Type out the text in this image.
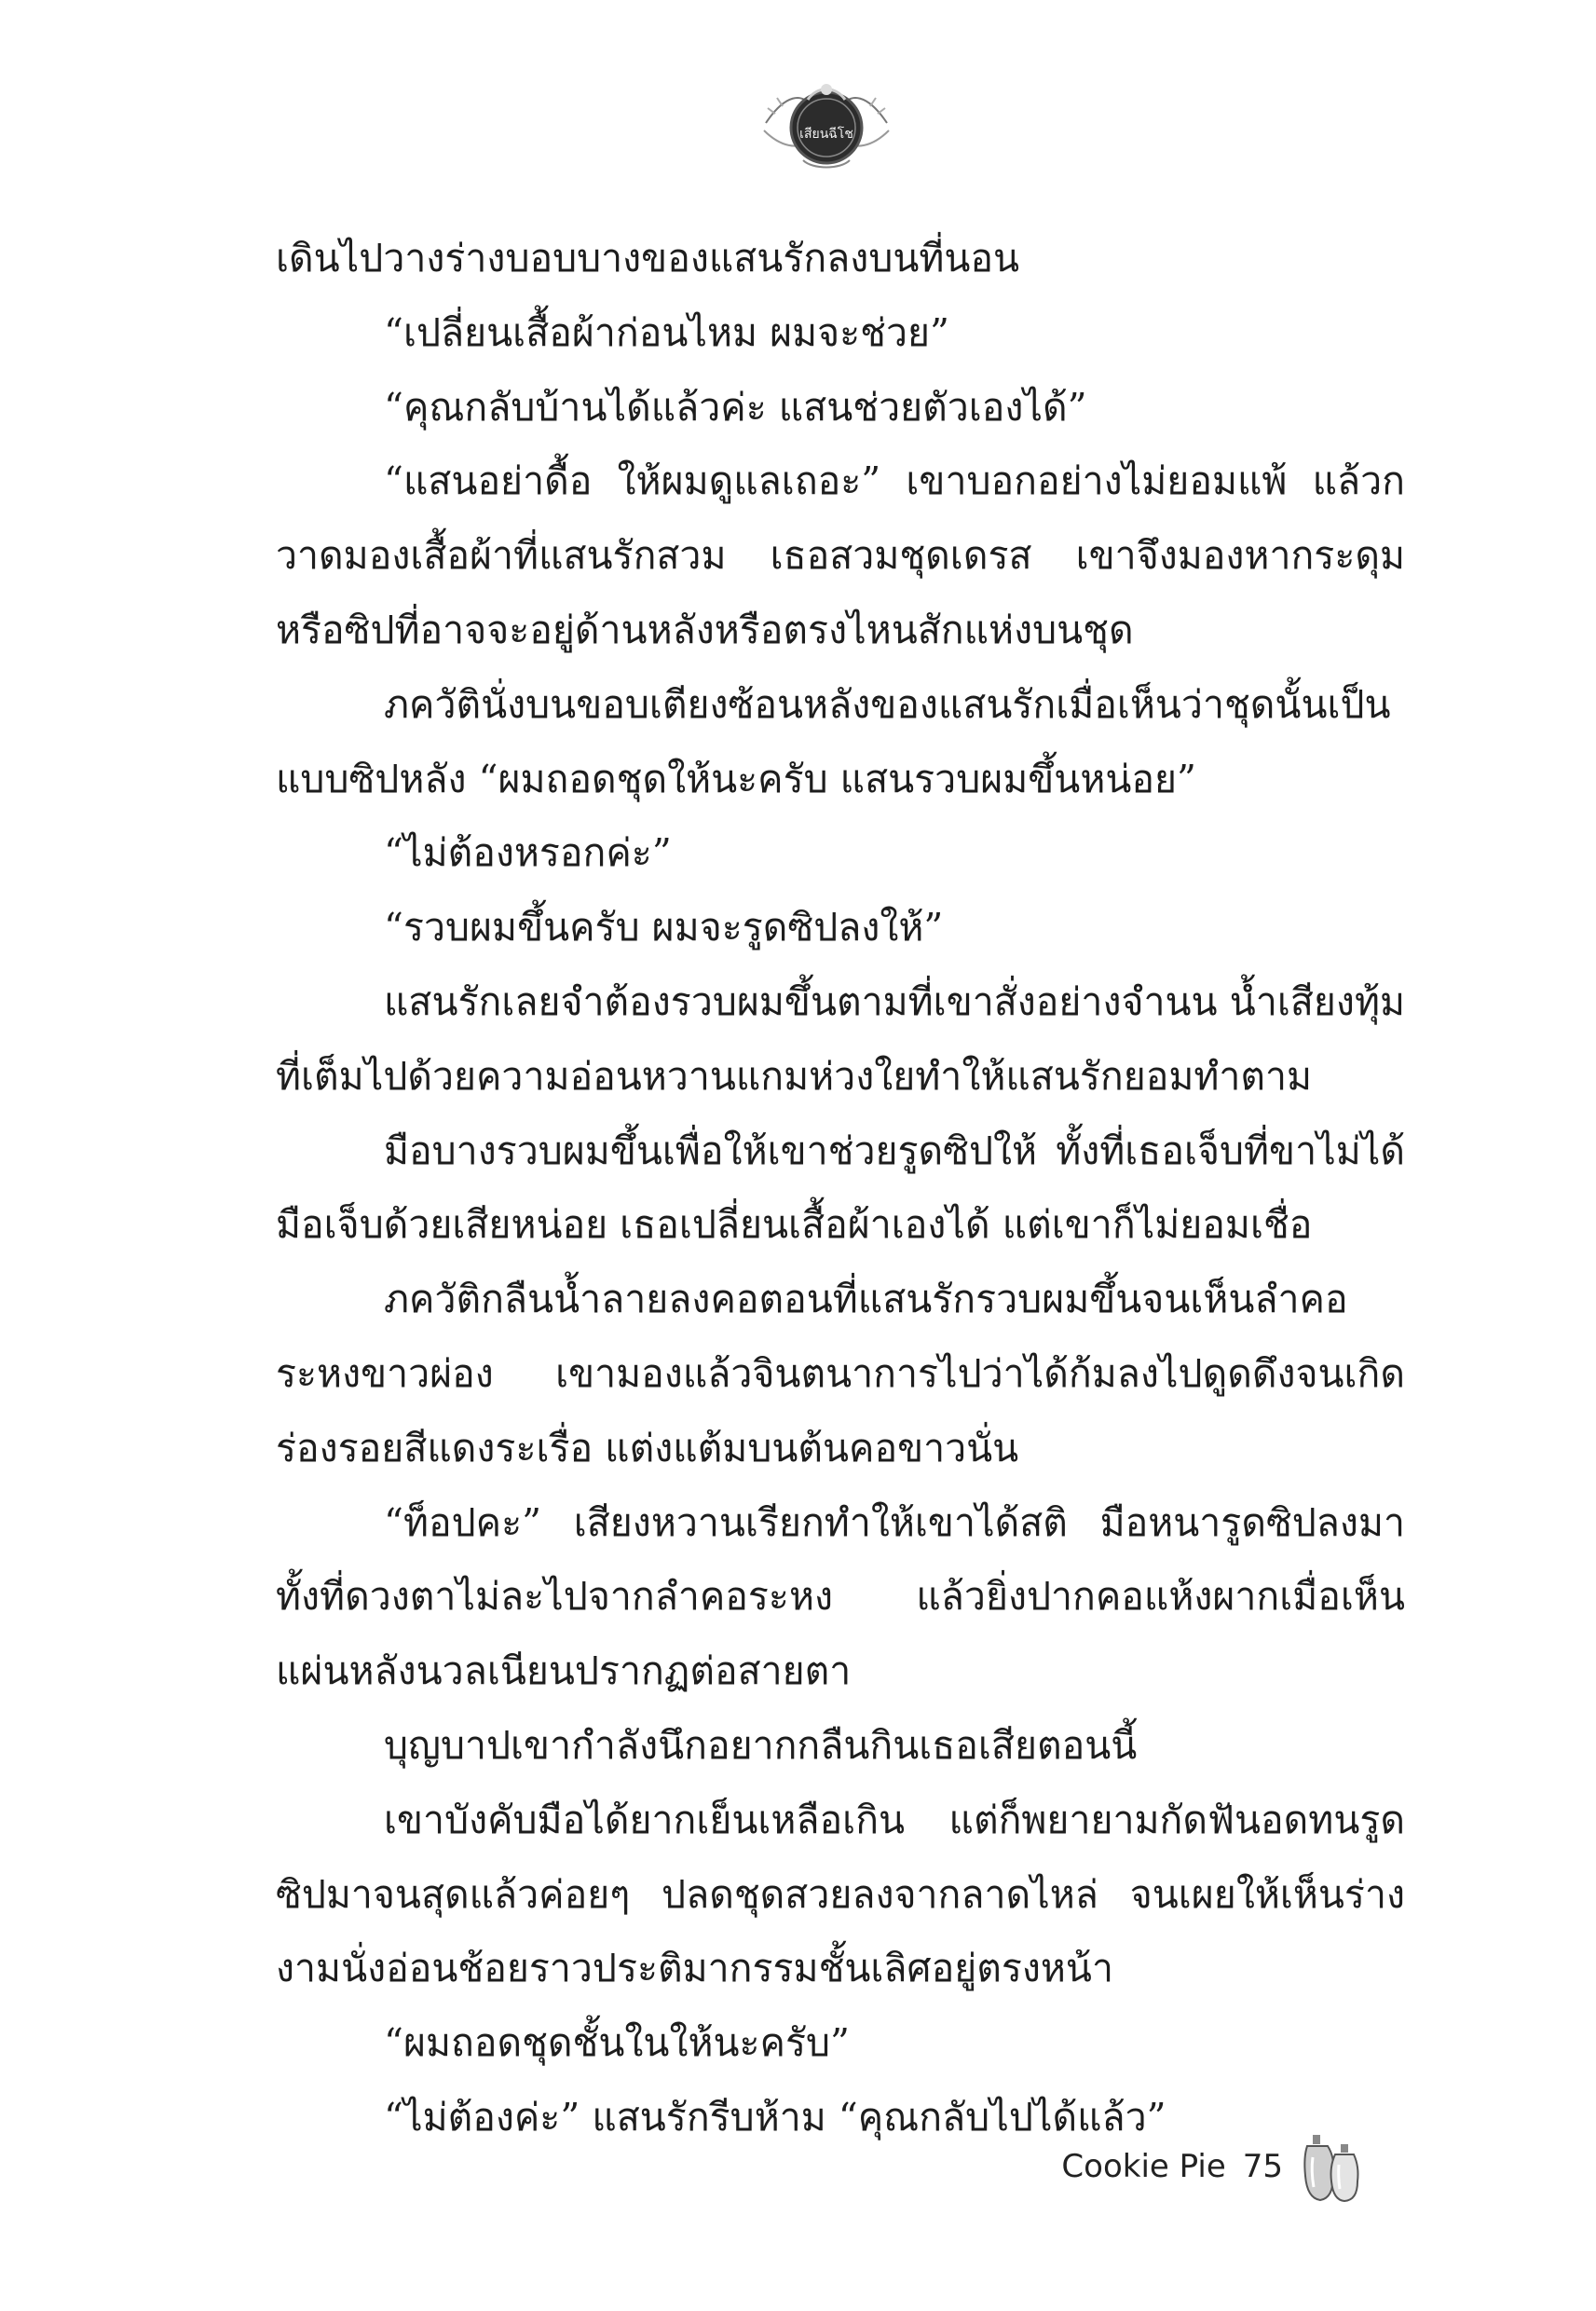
เสียนฉีโช

เดินไปวางร่างบอบบางของแสนรักลงบนที่นอน

“เปลี่ยนเสื้อผ้าก่อนไหม ผมจะช่วย”

“คุณกลับบ้านได้แล้วค่ะ แสนช่วยตัวเองได้”

“แสนอย่าดื้อ ให้ผมดูแลเถอะ” เขาบอกอย่างไม่ยอมแพ้ แล้วกวาดมองเสื้อผ้าที่แสนรักสวม เธอสวมชุดเดรส เขาจึงมองหากระดุมหรือซิปที่อาจจะอยู่ด้านหลังหรือตรงไหนสักแห่งบนชุด

ภควัตินั่งบนขอบเตียงซ้อนหลังของแสนรักเมื่อเห็นว่าชุดนั้นเป็นแบบซิปหลัง “ผมถอดชุดให้นะครับ แสนรวบผมขึ้นหน่อย”

“ไม่ต้องหรอกค่ะ”

“รวบผมขึ้นครับ ผมจะรูดซิปลงให้”

แสนรักเลยจำต้องรวบผมขึ้นตามที่เขาสั่งอย่างจำนน น้ำเสียงทุ้มที่เต็มไปด้วยความอ่อนหวานแกมห่วงใยทำให้แสนรักยอมทำตาม

มือบางรวบผมขึ้นเพื่อให้เขาช่วยรูดซิปให้ ทั้งที่เธอเจ็บที่ขาไม่ได้มือเจ็บด้วยเสียหน่อย เธอเปลี่ยนเสื้อผ้าเองได้ แต่เขาก็ไม่ยอมเชื่อ

ภควัติกลืนน้ำลายลงคอตอนที่แสนรักรวบผมขึ้นจนเห็นลำคอระหงขาวผ่อง เขามองแล้วจินตนาการไปว่าได้ก้มลงไปดูดดึงจนเกิดร่องรอยสีแดงระเรื่อ แต่งแต้มบนต้นคอขาวนั่น

“ท็อปคะ” เสียงหวานเรียกทำให้เขาได้สติ มือหนารูดซิปลงมาทั้งที่ดวงตาไม่ละไปจากลำคอระหง แล้วยิ่งปากคอแห้งผากเมื่อเห็นแผ่นหลังนวลเนียนปรากฏต่อสายตา

บุญบาปเขากำลังนึกอยากกลืนกินเธอเสียตอนนี้

เขาบังคับมือได้ยากเย็นเหลือเกิน แต่ก็พยายามกัดฟันอดทนรูดซิปมาจนสุดแล้วค่อยๆ ปลดชุดสวยลงจากลาดไหล่ จนเผยให้เห็นร่างงามนั่งอ่อนช้อยราวประติมากรรมชั้นเลิศอยู่ตรงหน้า

“ผมถอดชุดชั้นในให้นะครับ”

“ไม่ต้องค่ะ” แสนรักรีบห้าม “คุณกลับไปได้แล้ว”

Cookie Pie 75
